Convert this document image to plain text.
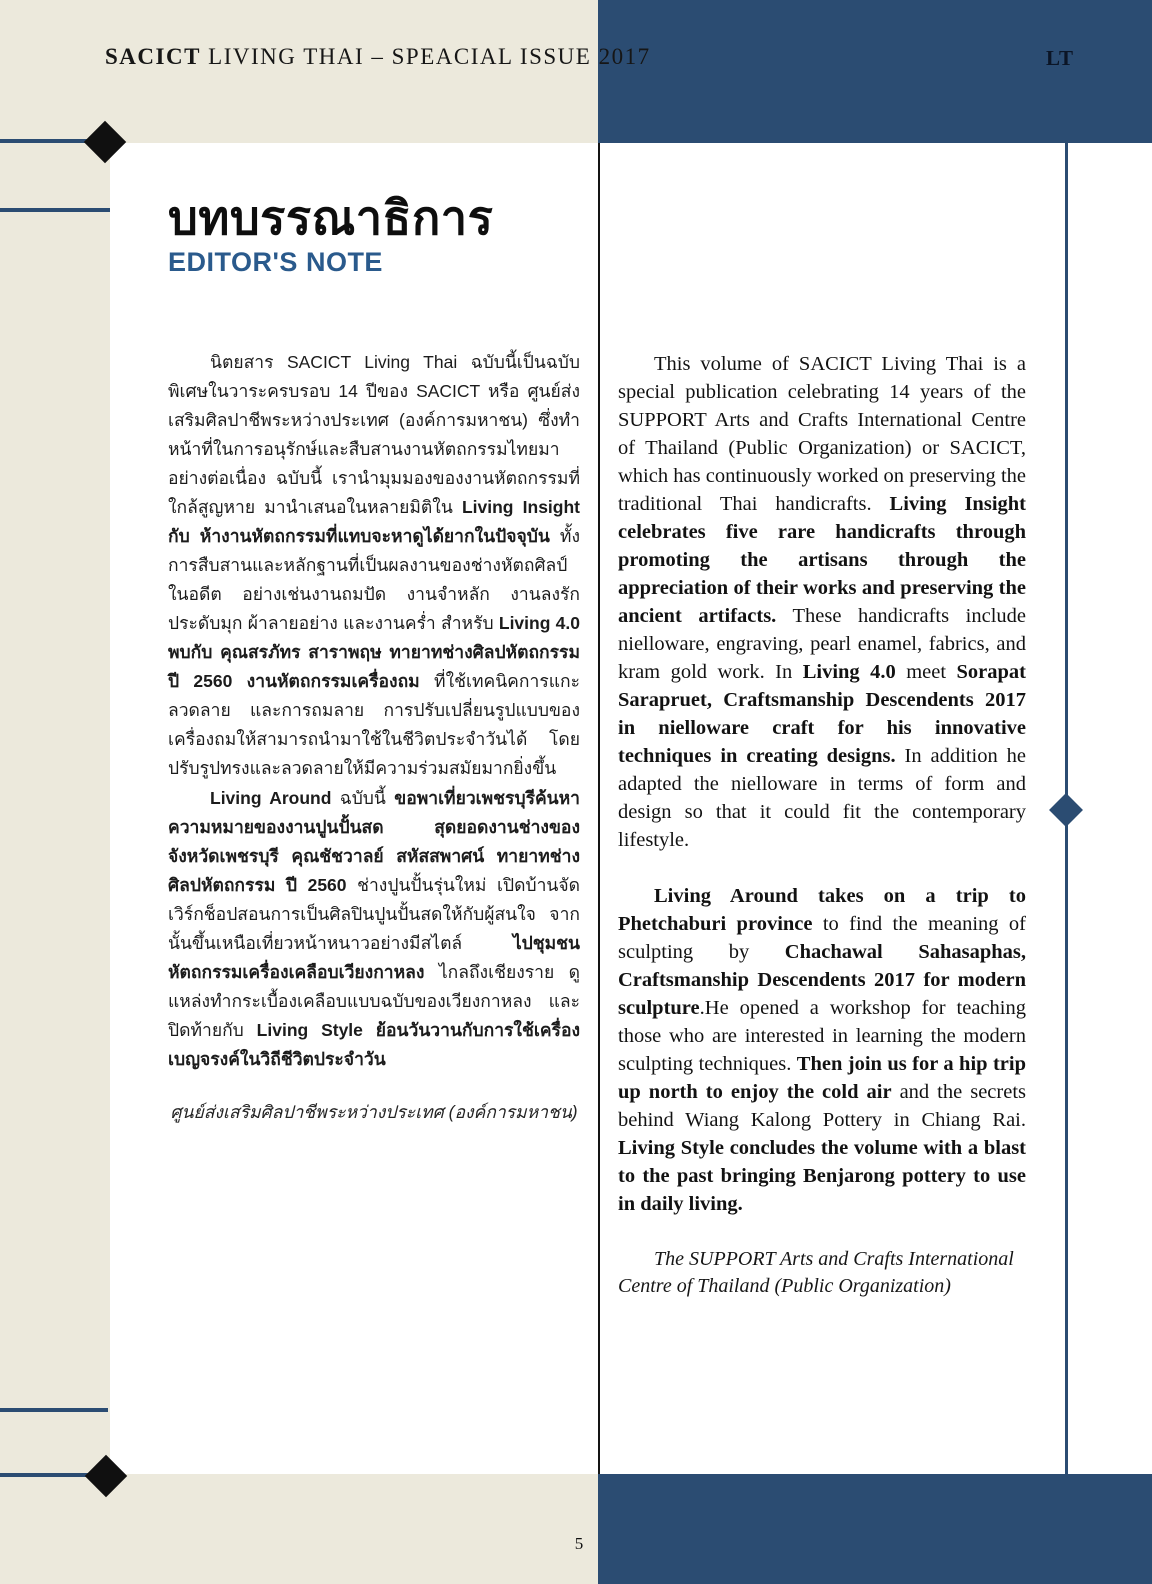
SACICT LIVING THAI – SPEACIAL ISSUE 2017	LT
บทบรรณาธิการ
EDITOR'S NOTE

นิตยสาร SACICT Living Thai ฉบับนี้เป็นฉบับพิเศษในวาระครบรอบ 14 ปีของ SACICT หรือ ศูนย์ส่งเสริมศิลปาชีพระหว่างประเทศ (องค์การมหาชน) ซึ่งทำหน้าที่ในการอนุรักษ์และสืบสานงานหัตถกรรมไทยมาอย่างต่อเนื่อง ฉบับนี้ เรานำมุมมองของงานหัตถกรรมที่ใกล้สูญหาย มานำเสนอในหลายมิติใน Living Insight กับ ห้างานหัตถกรรมที่แทบจะหาดูได้ยากในปัจจุบัน ทั้งการสืบสานและหลักฐานที่เป็นผลงานของช่างหัตถศิลป์ในอดีต อย่างเช่นงานถมปัด งานจำหลัก งานลงรักประดับมุก ผ้าลายอย่าง และงานคร่ำ สำหรับ Living 4.0 พบกับ คุณสรภัทร สาราพฤษ ทายาทช่างศิลปหัตถกรรม ปี 2560 งานหัตถกรรมเครื่องถม ที่ใช้เทคนิคการแกะลวดลาย และการถมลาย การปรับเปลี่ยนรูปแบบของเครื่องถมให้สามารถนำมาใช้ในชีวิตประจำวันได้ โดยปรับรูปทรงและลวดลายให้มีความร่วมสมัยมากยิ่งขึ้น

Living Around ฉบับนี้ ขอพาเที่ยวเพชรบุรีค้นหาความหมายของงานปูนปั้นสด สุดยอดงานช่างของจังหวัดเพชรบุรี คุณชัชวาลย์ สหัสสพาศน์ ทายาทช่างศิลปหัตถกรรม ปี 2560 ช่างปูนปั้นรุ่นใหม่ เปิดบ้านจัดเวิร์กช็อปสอนการเป็นศิลปินปูนปั้นสดให้กับผู้สนใจ จากนั้นขึ้นเหนือเที่ยวหน้าหนาวอย่างมีสไตล์ ไปชุมชนหัตถกรรมเครื่องเคลือบเวียงกาหลง ไกลถึงเชียงราย ดูแหล่งทำกระเบื้องเคลือบแบบฉบับของเวียงกาหลง และปิดท้ายกับ Living Style ย้อนวันวานกับการใช้เครื่องเบญจรงค์ในวิถีชีวิตประจำวัน

ศูนย์ส่งเสริมศิลปาชีพระหว่างประเทศ (องค์การมหาชน)

This volume of SACICT Living Thai is a special publication celebrating 14 years of the SUPPORT Arts and Crafts International Centre of Thailand (Public Organization) or SACICT, which has continuously worked on preserving the traditional Thai handicrafts. Living Insight celebrates five rare handicrafts through promoting the artisans through the appreciation of their works and preserving the ancient artifacts. These handicrafts include nielloware, engraving, pearl enamel, fabrics, and kram gold work. In Living 4.0 meet Sorapat Sarapruet, Craftsmanship Descendents 2017 in nielloware craft for his innovative techniques in creating designs. In addition he adapted the nielloware in terms of form and design so that it could fit the contemporary lifestyle.

Living Around takes on a trip to Phetchaburi province to find the meaning of sculpting by Chachawal Sahasaphas, Craftsmanship Descendents 2017 for modern sculpture.He opened a workshop for teaching those who are interested in learning the modern sculpting techniques. Then join us for a hip trip up north to enjoy the cold air and the secrets behind Wiang Kalong Pottery in Chiang Rai. Living Style concludes the volume with a blast to the past bringing Benjarong pottery to use in daily living.

The SUPPORT Arts and Crafts International Centre of Thailand (Public Organization)
5
